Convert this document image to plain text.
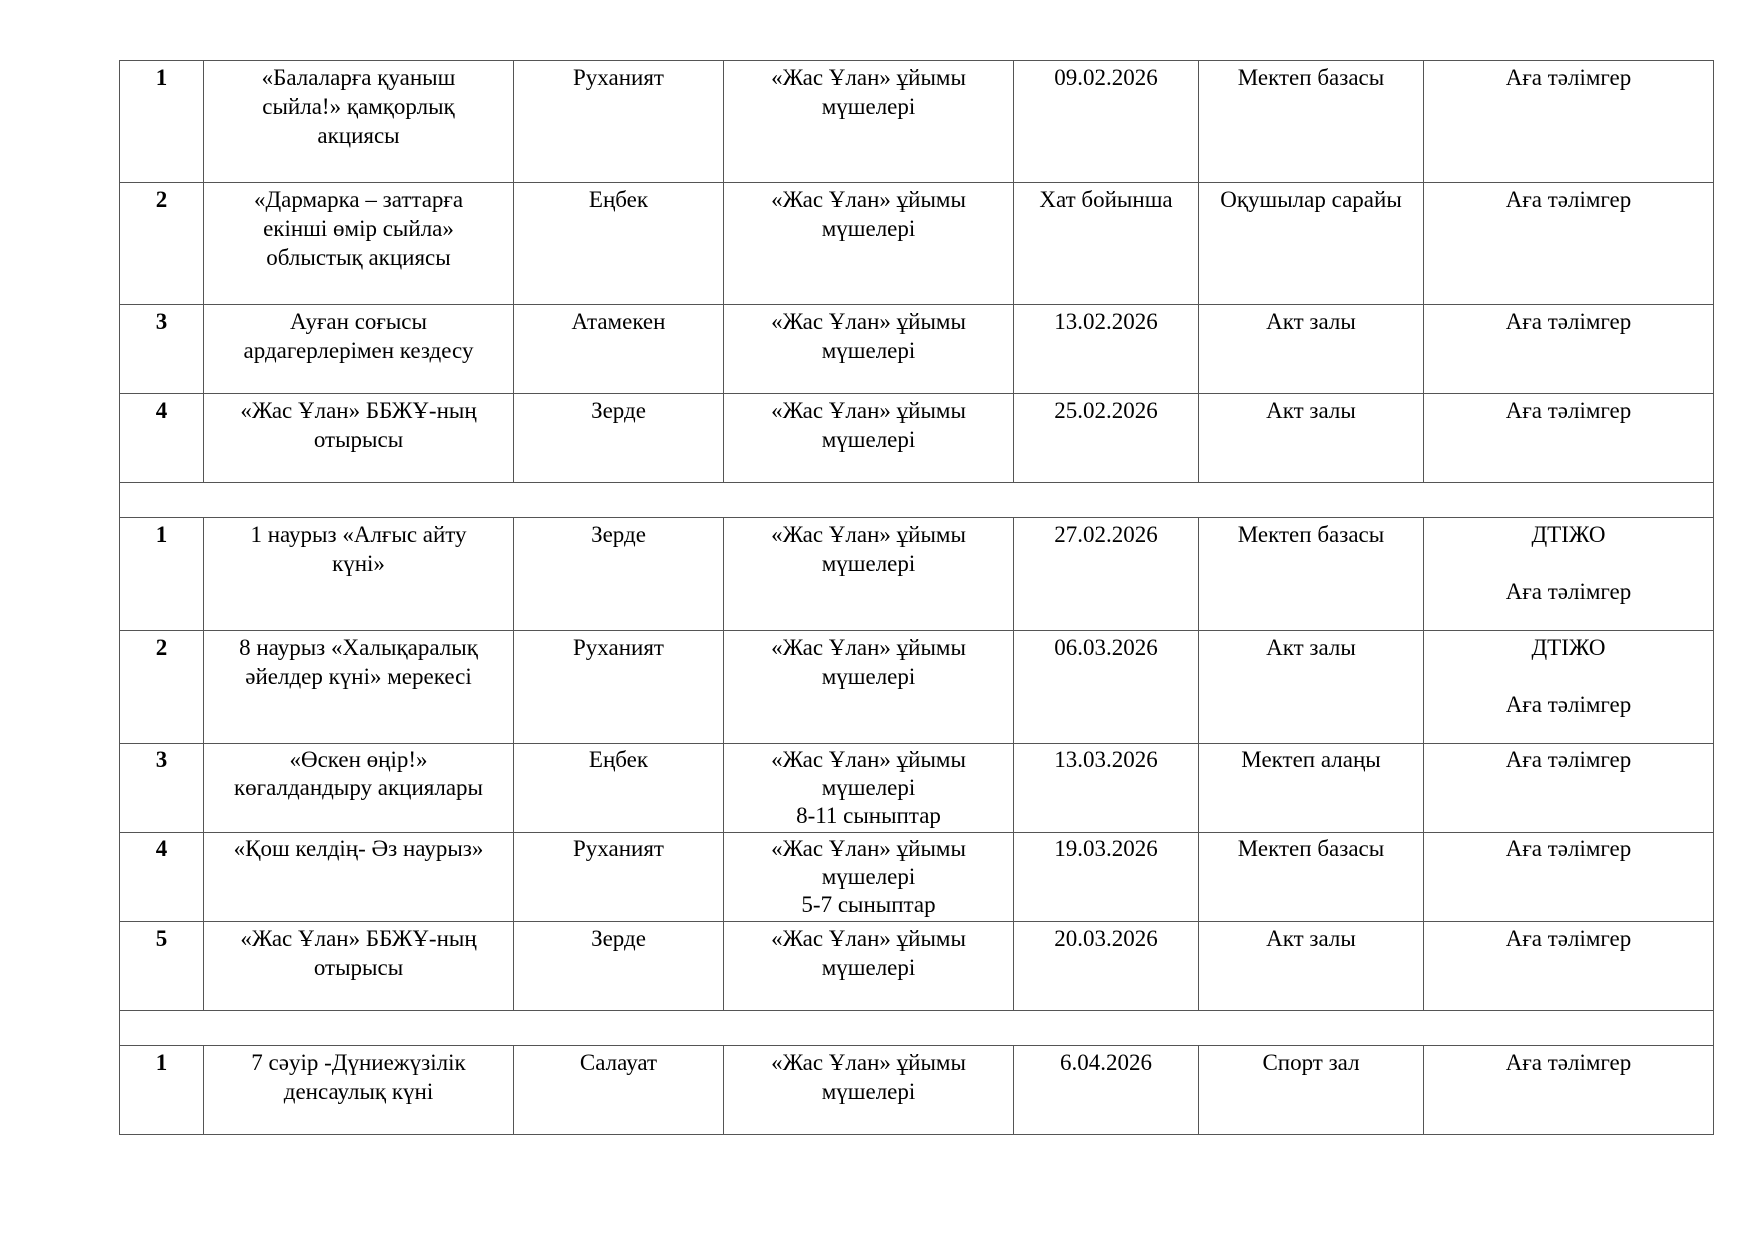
1	«Балаларға қуаныш
сыйла!» қамқорлық
акциясы	Руханият	«Жас Ұлан» ұйымы
мүшелері	09.02.2026	Мектеп базасы	Аға тәлімгер

2	«Дармарка – заттарға
екінші өмір сыйла»
облыстық акциясы	Еңбек	«Жас Ұлан» ұйымы
мүшелері	Хат бойынша	Оқушылар сарайы	Аға тәлімгер

3	Ауған соғысы
ардагерлерімен кездесу	Атамекен	«Жас Ұлан» ұйымы
мүшелері	13.02.2026	Акт залы	Аға тәлімгер

4	«Жас Ұлан» ББЖҰ-ның
отырысы	Зерде	«Жас Ұлан» ұйымы
мүшелері	25.02.2026	Акт залы	Аға тәлімгер

1	1 наурыз «Алғыс айту
күні»	Зерде	«Жас Ұлан» ұйымы
мүшелері	27.02.2026	Мектеп базасы	ДТІЖО
Аға тәлімгер

2	8 наурыз «Халықаралық
әйелдер күні» мерекесі	Руханият	«Жас Ұлан» ұйымы
мүшелері	06.03.2026	Акт залы	ДТІЖО
Аға тәлімгер

3	«Өскен өңір!»
көгалдандыру акциялары	Еңбек	«Жас Ұлан» ұйымы
мүшелері
8-11 сыныптар	13.03.2026	Мектеп алаңы	Аға тәлімгер

4	«Қош келдің- Әз наурыз»	Руханият	«Жас Ұлан» ұйымы
мүшелері
5-7 сыныптар	19.03.2026	Мектеп базасы	Аға тәлімгер

5	«Жас Ұлан» ББЖҰ-ның
отырысы	Зерде	«Жас Ұлан» ұйымы
мүшелері	20.03.2026	Акт залы	Аға тәлімгер

1	7 сәуір -Дүниежүзілік
денсаулық күні	Салауат	«Жас Ұлан» ұйымы
мүшелері	6.04.2026	Спорт зал	Аға тәлімгер
